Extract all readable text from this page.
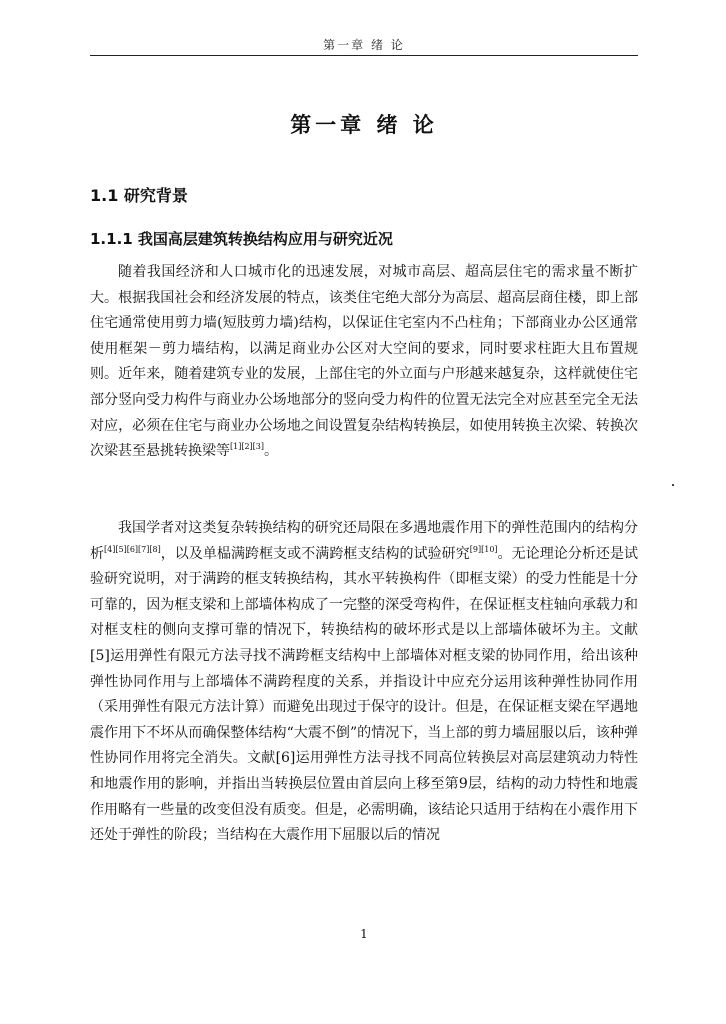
第一章 绪 论
第一章 绪 论
1.1 研究背景
1.1.1 我国高层建筑转换结构应用与研究近况
随着我国经济和人口城市化的迅速发展，对城市高层、超高层住宅的需求量不断扩大。根据我国社会和经济发展的特点，该类住宅绝大部分为高层、超高层商住楼，即上部住宅通常使用剪力墙(短肢剪力墙)结构，以保证住宅室内不凸柱角；下部商业办公区通常使用框架－剪力墙结构，以满足商业办公区对大空间的要求，同时要求柱距大且布置规则。近年来，随着建筑专业的发展，上部住宅的外立面与户形越来越复杂，这样就使住宅部分竖向受力构件与商业办公场地部分的竖向受力构件的位置无法完全对应甚至完全无法对应，必须在住宅与商业办公场地之间设置复杂结构转换层，如使用转换主次梁、转换次次梁甚至悬挑转换梁等[1][2][3]。
我国学者对这类复杂转换结构的研究还局限在多遇地震作用下的弹性范围内的结构分析[4][5][6][7][8]，以及单榀满跨框支或不满跨框支结构的试验研究[9][10]。无论理论分析还是试验研究说明，对于满跨的框支转换结构，其水平转换构件（即框支梁）的受力性能是十分可靠的，因为框支梁和上部墙体构成了一完整的深受弯构件，在保证框支柱轴向承载力和对框支柱的侧向支撑可靠的情况下，转换结构的破坏形式是以上部墙体破坏为主。文献[5]运用弹性有限元方法寻找不满跨框支结构中上部墙体对框支梁的协同作用，给出该种弹性协同作用与上部墙体不满跨程度的关系，并指设计中应充分运用该种弹性协同作用（采用弹性有限元方法计算）而避免出现过于保守的设计。但是，在保证框支梁在罕遇地震作用下不坏从而确保整体结构“大震不倒”的情况下，当上部的剪力墙屈服以后，该种弹性协同作用将完全消失。文献[6]运用弹性方法寻找不同高位转换层对高层建筑动力特性和地震作用的影响，并指出当转换层位置由首层向上移至第9层，结构的动力特性和地震作用略有一些量的改变但没有质变。但是，必需明确，该结论只适用于结构在小震作用下还处于弹性的阶段；当结构在大震作用下屈服以后的情况
1
